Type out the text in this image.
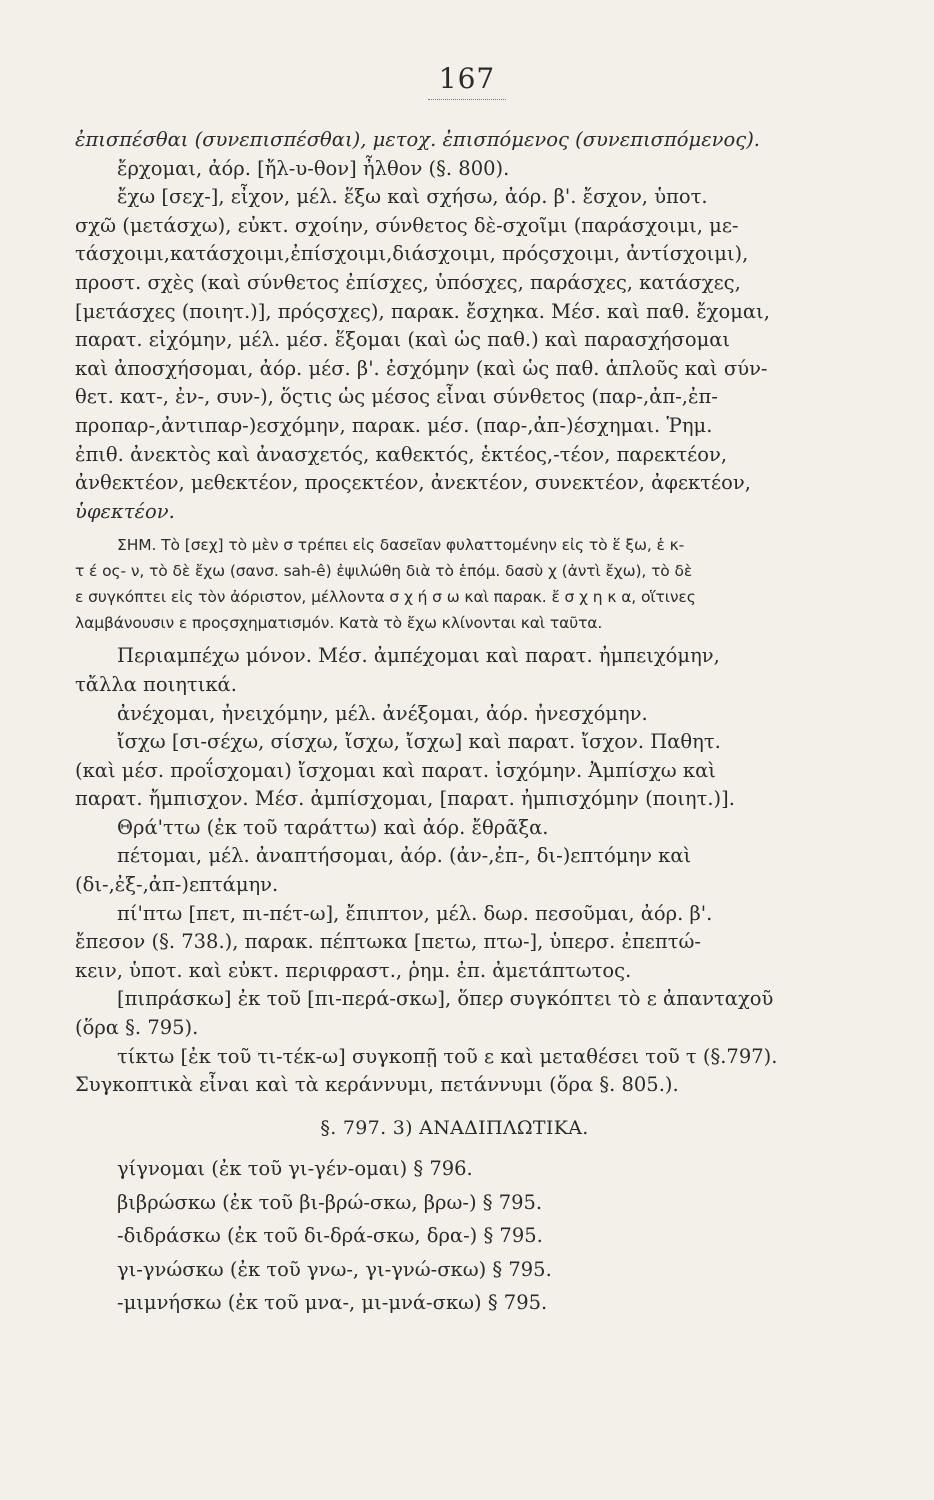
167
ἐπισπέσθαι (συνεπισπέσθαι), μετοχ. ἐπισπόμενος (συνεπισπόμενος).
ἔρχομαι, ἀόρ. [ἤλ-υ-θον] ἦλθον (§. 800).
ἔχω [σεχ-], εἶχον, μέλ. ἕξω καὶ σχήσω, ἀόρ. β'. ἔσχον, ὑποτ.
σχῶ (μετάσχω), εὐκτ. σχοίην, σύνθετος δὲ-σχοῖμι (παράσχοιμι, με-
τάσχοιμι,κατάσχοιμι,ἐπίσχοιμι,διάσχοιμι, πρόςσχοιμι, ἀντίσχοιμι),
προστ. σχὲς (καὶ σύνθετος ἐπίσχες, ὑπόσχες, παράσχες, κατάσχες,
[μετάσχες (ποιητ.)], πρόςσχες), παρακ. ἔσχηκα. Μέσ. καὶ παθ. ἔχομαι,
παρατ. εἰχόμην, μέλ. μέσ. ἕξομαι (καὶ ὡς παθ.) καὶ παρασχήσομαι
καὶ ἀποσχήσομαι, ἀόρ. μέσ. β'. ἐσχόμην (καὶ ὡς παθ. ἁπλοῦς καὶ σύν-
θετ. κατ-, ἐν-, συν-), ὅςτις ὡς μέσος εἶναι σύνθετος (παρ-,ἀπ-,ἐπ-
προπαρ-,ἀντιπαρ-)εσχόμην, παρακ. μέσ. (παρ-,ἀπ-)έσχημαι. Ῥημ.
ἐπιθ. ἀνεκτὸς καὶ ἀνασχετός, καθεκτός, ἑκτέος,-τέον, παρεκτέον,
ἀνθεκτέον, μεθεκτέον, προςεκτέον, ἀνεκτέον, συνεκτέον, ἀφεκτέον,
ὑφεκτέον.
ΣΗΜ. Τὸ [σεχ] τὸ μὲν σ τρέπει εἰς δασεῖαν φυλαττομένην εἰς τὸ ἕ ξω, ἑ κ-
τ έ ος- ν, τὸ δὲ ἔχω (σανσ. sah-ê) ἐψιλώθη διὰ τὸ ἑπόμ. δασὺ χ (ἀντὶ ἔχω), τὸ δὲ
ε συγκόπτει εἰς τὸν ἀόριστον, μέλλοντα σ χ ή σ ω καὶ παρακ. ἔ σ χ η κ α, οἵτινες
λαμβάνουσιν ε προςσχηματισμόν. Κατὰ τὸ ἔχω κλίνονται καὶ ταῦτα.
Περιαμπέχω μόνον. Μέσ. ἀμπέχομαι καὶ παρατ. ἠμπειχόμην,
τἄλλα ποιητικά.
ἀνέχομαι, ἠνειχόμην, μέλ. ἀνέξομαι, ἀόρ. ἠνεσχόμην.
ἴσχω [σι-σέχω, σίσχω, ἴσχω, ἴσχω] καὶ παρατ. ἴσχον. Παθητ.
(καὶ μέσ. προΐσχομαι) ἴσχομαι καὶ παρατ. ἰσχόμην. Ἀμπίσχω καὶ
παρατ. ἤμπισχον. Μέσ. ἀμπίσχομαι, [παρατ. ἠμπισχόμην (ποιητ.)].
Θρά'ττω (ἐκ τοῦ ταράττω) καὶ ἀόρ. ἔθρᾶξα.
πέτομαι, μέλ. ἀναπτήσομαι, ἀόρ. (ἀν-,ἐπ-, δι-)επτόμην καὶ
(δι-,ἐξ-,ἀπ-)επτάμην.
πί'πτω [πετ, πι-πέτ-ω], ἔπιπτον, μέλ. δωρ. πεσοῦμαι, ἀόρ. β'.
ἔπεσον (§. 738.), παρακ. πέπτωκα [πετω, πτω-], ὑπερσ. ἐπεπτώ-
κειν, ὑποτ. καὶ εὐκτ. περιφραστ., ῥημ. ἐπ. ἀμετάπτωτος.
[πιπράσκω] ἐκ τοῦ [πι-περά-σκω], ὅπερ συγκόπτει τὸ ε ἀπανταχοῦ
(ὅρα §. 795).
τίκτω [ἐκ τοῦ τι-τέκ-ω] συγκοπῇ τοῦ ε καὶ μεταθέσει τοῦ τ (§.797).
Συγκοπτικὰ εἶναι καὶ τὰ κεράννυμι, πετάννυμι (ὅρα §. 805.).
§. 797. 3) ΑΝΑΔΙΠΛΩΤΙΚΑ.
γίγνομαι (ἐκ τοῦ γι-γέν-ομαι) § 796.
βιβρώσκω (ἐκ τοῦ βι-βρώ-σκω, βρω-) § 795.
-διδράσκω (ἐκ τοῦ δι-δρά-σκω, δρα-) § 795.
γι-γνώσκω (ἐκ τοῦ γνω-, γι-γνώ-σκω) § 795.
-μιμνήσκω (ἐκ τοῦ μνα-, μι-μνά-σκω) § 795.
